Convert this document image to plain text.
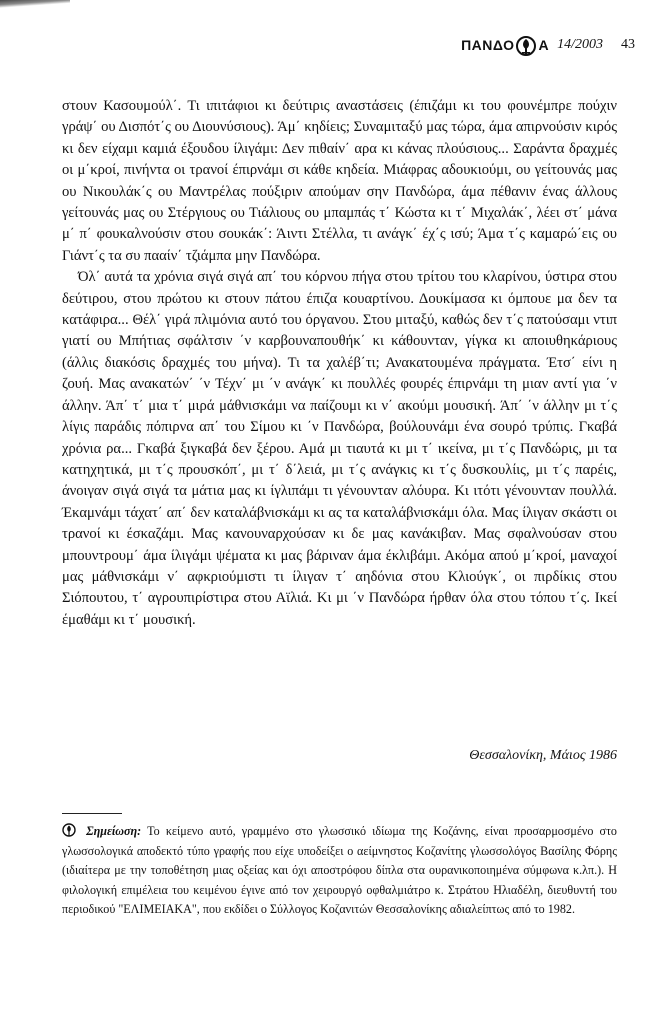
ΠΑΝΔΟ Α 14/2003 43

στουν Κασουμούλ΄. Τι ιπιτάφιοι κι δεύτιρις αναστάσεις (έπιζάμι κι του φουνέμπρε πούχιν γράψ΄ ου Δισπότ΄ς ου Διουνύσιους). Άμ΄ κηδίεις; Συναμιταξύ μας τώρα, άμα απιρνούσιν κιρός κι δεν είχαμι καμιά έξουδου ίλιγάμι: Δεν πιθαίν΄ αρα κι κάνας πλούσιους... Σαράντα δραχμές οι μ΄κροί, πινήντα οι τρανοί έπιρνάμι σι κάθε κηδεία. Μιάφρας αδουκιούμι, ου γείτουνάς μας ου Νικουλάκ΄ς ου Μαντρέλας πούξιριν απούμαν σην Πανδώρα, άμα πέθανιν ένας άλλους γείτουνάς μας ου Στέργιους ου Τιάλιους ου μπαμπάς τ΄ Κώστα κι τ΄ Μιχαλάκ΄, λέει στ΄ μάνα μ΄ π΄ φουκαλνούσιν στου σουκάκ΄: Άιντι Στέλλα, τι ανάγκ΄ έχ΄ς ισύ; Άμα τ΄ς καμαρώ΄εις ου Γιάντ΄ς τα συ πααίν΄ τζιάμπα μην Πανδώρα.

Όλ΄ αυτά τα χρόνια σιγά σιγά απ΄ του κόρνου πήγα στου τρίτου του κλαρίνου, ύστιρα στου δεύτιρου, στου πρώτου κι στουν πάτου έπιζα κουαρτίνου. Δουκίμασα κι όμπουε μα δεν τα κατάφιρα... Θέλ΄ γιρά πλιμόνια αυτό του όργανου. Στου μιταξύ, καθώς δεν τ΄ς πατούσαμι ντιπ γιατί ου Μπήτιας σφάλτσιν ΄ν καρβουναπουθήκ΄ κι κάθουνταν, γίγκα κι αποιυθηκάριους (άλλις διακόσις δραχμές του μήνα). Τι τα χαλέβ΄τι; Ανακατουμένα πράγματα. Έτσ΄ είνι η ζουή. Μας ανακατών΄ ΄ν Τέχν΄ μι ΄ν ανάγκ΄ κι πουλλές φουρές έπιρνάμι τη μιαν αντί για ΄ν άλλην. Άπ΄ τ΄ μια τ΄ μιρά μάθνισκάμι να παίζουμι κι ν΄ ακούμι μουσική. Άπ΄ ΄ν άλλην μι τ΄ς λίγις παράδις πόπιρνα απ΄ του Σίμου κι ΄ν Πανδώρα, βούλουνάμι ένα σουρό τρύπις. Γκαβά χρόνια ρα... Γκαβά ξιγκαβά δεν ξέρου. Αμά μι τιαυτά κι μι τ΄ ικείνα, μι τ΄ς Πανδώρις, μι τα κατηχητικά, μι τ΄ς προυσκόπ΄, μι τ΄ δ΄λειά, μι τ΄ς ανάγκις κι τ΄ς δυσκουλίις, μι τ΄ς παρέις, άνοιγαν σιγά σιγά τα μάτια μας κι ίγλιπάμι τι γένουνταν αλόυρα. Κι ιτότι γένουνταν πουλλά. Έκαμνάμι τάχατ΄ απ΄ δεν καταλάβνισκάμι κι ας τα καταλάβνισκάμι όλα. Μας ίλιγαν σκάστι οι τρανοί κι έσκαζάμι. Μας κανουναρχούσαν κι δε μας κανάκιβαν. Μας σφαλνούσαν στου μπουντρουμ΄ άμα ίλιγάμι ψέματα κι μας βάριναν άμα έκλιβάμι. Ακόμα απού μ΄κροί, μαναχοί μας μάθνισκάμι ν΄ αφκριούμιστι τι ίλιγαν τ΄ αηδόνια στου Κλιούγκ΄, οι πιρδίκις στου Σιόπουτου, τ΄ αγρουπιρίστιρα στου Αϊλιά. Κι μι ΄ν Πανδώρα ήρθαν όλα στου τόπου τ΄ς. Ικεί έμαθάμι κι τ΄ μουσική.

Θεσσαλονίκη, Μάιος 1986
Σημείωση: Το κείμενο αυτό, γραμμένο στο γλωσσικό ιδίωμα της Κοζάνης, είναι προσαρμοσμένο στο γλωσσολογικά αποδεκτό τύπο γραφής που είχε υποδείξει ο αείμνηστος Κοζανίτης γλωσσολόγος Βασίλης Φόρης (ιδιαίτερα με την τοποθέτηση μιας οξείας και όχι αποστρόφου δίπλα στα ουρανικοποιημένα σύμφωνα κ.λπ.). Η φιλολογική επιμέλεια του κειμένου έγινε από τον χειρουργό οφθαλμιάτρο κ. Στράτου Ηλιαδέλη, διευθυντή του περιοδικού "ΕΛΙΜΕΙΑΚΑ", που εκδίδει ο Σύλλογος Κοζανιτών Θεσσαλονίκης αδιαλείπτως από το 1982.
